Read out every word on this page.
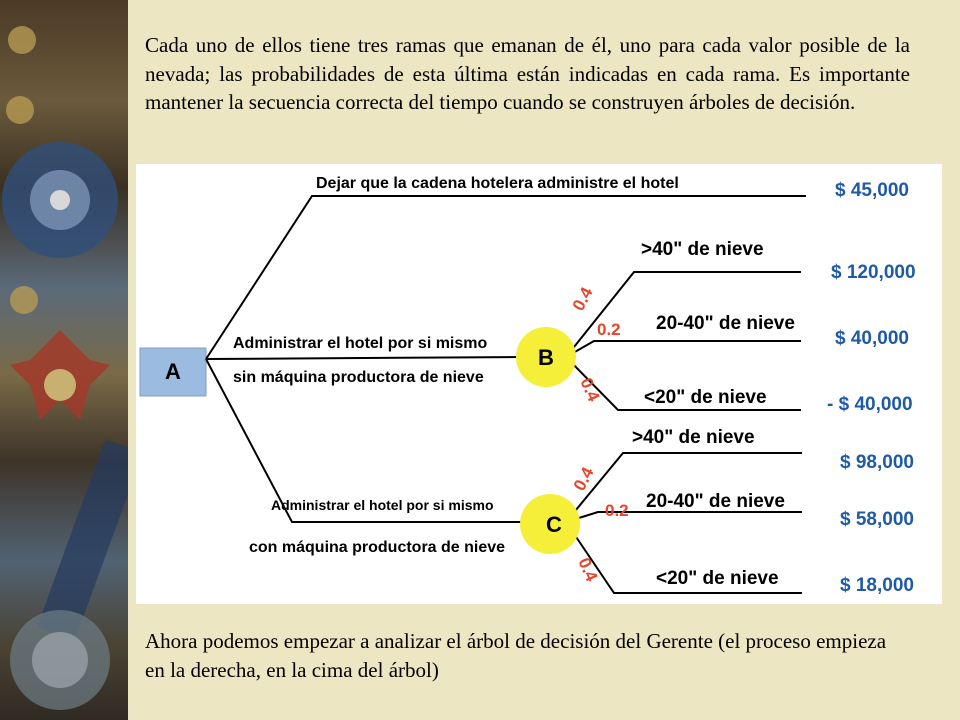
Cada uno de ellos tiene tres ramas que emanan de él, uno para cada valor posible de la nevada; las probabilidades de esta última están indicadas en cada rama. Es importante mantener la secuencia correcta del tiempo cuando se construyen árboles de decisión.

A
Dejar que la cadena hotelera administre el hotel	$ 45,000
Administrar el hotel por si mismo
sin máquina productora de nieve
B
>40" de nieve
20-40" de nieve
<20" de nieve
0.4
0.2
0.4
$ 120,000
$ 40,000
- $ 40,000
Administrar el hotel por si mismo
con máquina productora de nieve
C
>40" de nieve
20-40" de nieve
<20" de nieve
0.4
0.2
0.4
$ 98,000
$ 58,000
$ 18,000

Ahora podemos empezar a analizar el árbol de decisión del Gerente (el proceso empieza en la derecha, en la cima del árbol)
